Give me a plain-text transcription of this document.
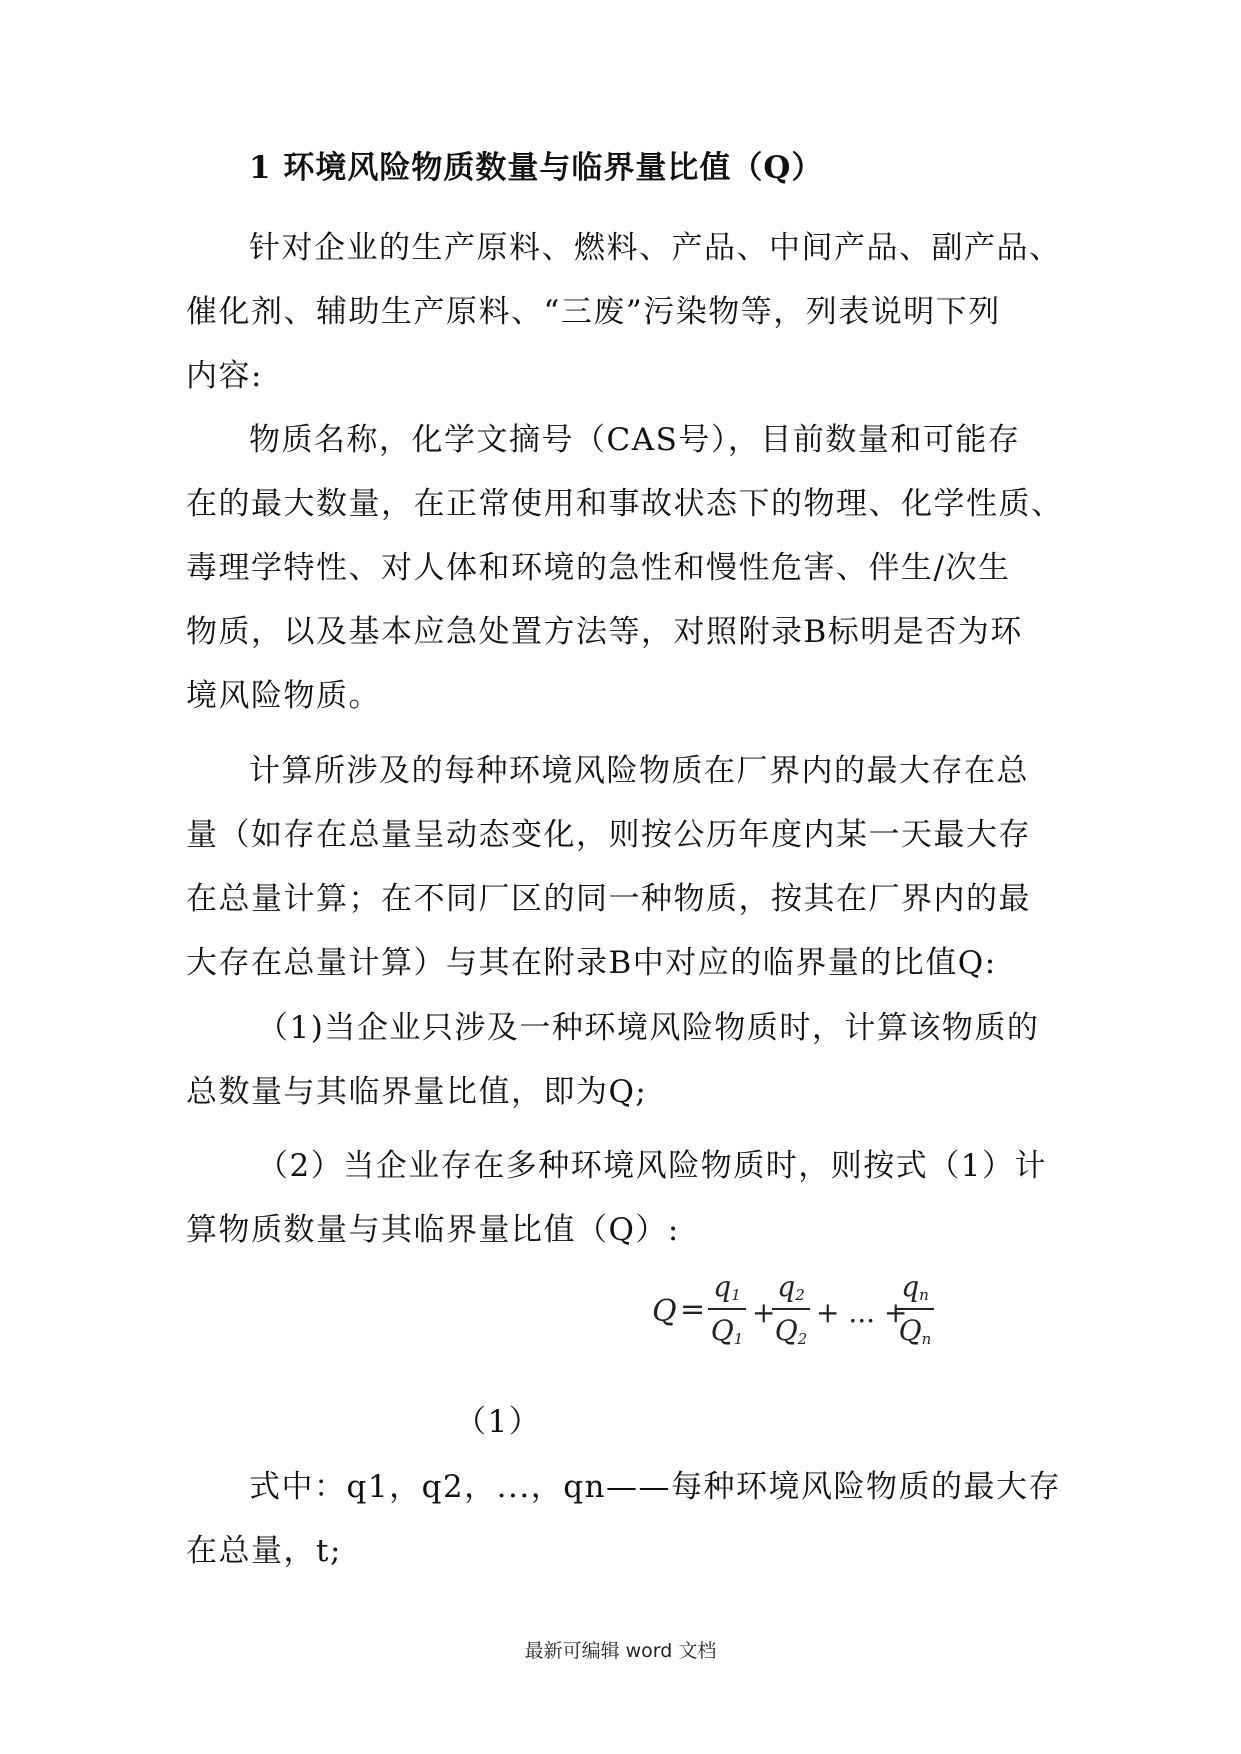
1 环境风险物质数量与临界量比值（Q）
针对企业的生产原料、燃料、产品、中间产品、副产品、
催化剂、辅助生产原料、“三废”污染物等，列表说明下列
内容:
物质名称，化学文摘号（CAS号），目前数量和可能存
在的最大数量，在正常使用和事故状态下的物理、化学性质、
毒理学特性、对人体和环境的急性和慢性危害、伴生/次生
物质，以及基本应急处置方法等，对照附录B标明是否为环
境风险物质。
计算所涉及的每种环境风险物质在厂界内的最大存在总
量（如存在总量呈动态变化，则按公历年度内某一天最大存
在总量计算；在不同厂区的同一种物质，按其在厂界内的最
大存在总量计算）与其在附录B中对应的临界量的比值Q:
（1)当企业只涉及一种环境风险物质时，计算该物质的
总数量与其临界量比值，即为Q;
（2）当企业存在多种环境风险物质时，则按式（1）计
算物质数量与其临界量比值（Q）:
Q =
$q_1$
$Q_1$
+
$q_2$
$Q_2$
+ ... +
$q_n$
$Q_n$
（1）
式中：q1，q2，...，qn——每种环境风险物质的最大存
在总量，t;
最新可编辑 word 文档
